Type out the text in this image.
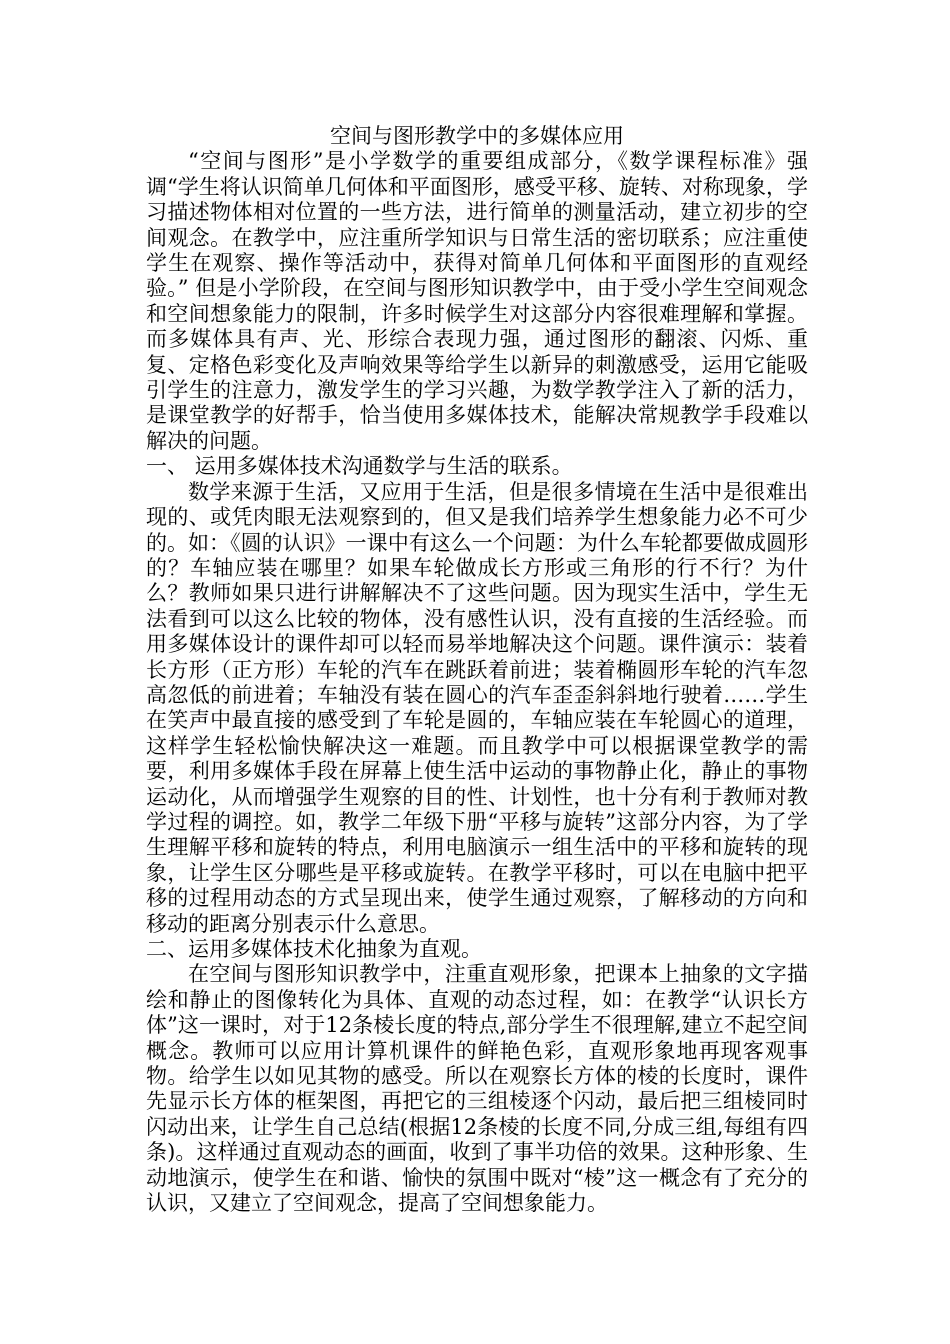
空间与图形教学中的多媒体应用

“空间与图形”是小学数学的重要组成部分，《数学课程标准》强调“学生将认识简单几何体和平面图形，感受平移、旋转、对称现象，学习描述物体相对位置的一些方法，进行简单的测量活动，建立初步的空间观念。在教学中，应注重所学知识与日常生活的密切联系；应注重使学生在观察、操作等活动中，获得对简单几何体和平面图形的直观经验。” 但是小学阶段，在空间与图形知识教学中，由于受小学生空间观念和空间想象能力的限制，许多时候学生对这部分内容很难理解和掌握。而多媒体具有声、光、形综合表现力强，通过图形的翻滚、闪烁、重复、定格色彩变化及声响效果等给学生以新异的刺激感受，运用它能吸引学生的注意力，激发学生的学习兴趣，为数学教学注入了新的活力，是课堂教学的好帮手，恰当使用多媒体技术，能解决常规教学手段难以解决的问题。

一、 运用多媒体技术沟通数学与生活的联系。

数学来源于生活，又应用于生活，但是很多情境在生活中是很难出现的、或凭肉眼无法观察到的，但又是我们培养学生想象能力必不可少的。如：《圆的认识》一课中有这么一个问题：为什么车轮都要做成圆形的？车轴应装在哪里？如果车轮做成长方形或三角形的行不行？为什么？教师如果只进行讲解解决不了这些问题。因为现实生活中，学生无法看到可以这么比较的物体，没有感性认识，没有直接的生活经验。而用多媒体设计的课件却可以轻而易举地解决这个问题。课件演示：装着长方形（正方形）车轮的汽车在跳跃着前进；装着椭圆形车轮的汽车忽高忽低的前进着；车轴没有装在圆心的汽车歪歪斜斜地行驶着……学生在笑声中最直接的感受到了车轮是圆的，车轴应装在车轮圆心的道理，这样学生轻松愉快解决这一难题。而且教学中可以根据课堂教学的需要，利用多媒体手段在屏幕上使生活中运动的事物静止化，静止的事物运动化，从而增强学生观察的目的性、计划性，也十分有利于教师对教学过程的调控。如，教学二年级下册“平移与旋转”这部分内容，为了学生理解平移和旋转的特点，利用电脑演示一组生活中的平移和旋转的现象，让学生区分哪些是平移或旋转。在教学平移时，可以在电脑中把平移的过程用动态的方式呈现出来，使学生通过观察，了解移动的方向和移动的距离分别表示什么意思。

二、运用多媒体技术化抽象为直观。

在空间与图形知识教学中，注重直观形象，把课本上抽象的文字描绘和静止的图像转化为具体、直观的动态过程，如：在教学“认识长方体”这一课时，对于12条棱长度的特点,部分学生不很理解,建立不起空间概念。教师可以应用计算机课件的鲜艳色彩，直观形象地再现客观事物。给学生以如见其物的感受。所以在观察长方体的棱的长度时，课件先显示长方体的框架图，再把它的三组棱逐个闪动，最后把三组棱同时闪动出来，让学生自己总结(根据12条棱的长度不同,分成三组,每组有四条)。这样通过直观动态的画面，收到了事半功倍的效果。这种形象、生动地演示，使学生在和谐、愉快的氛围中既对“棱”这一概念有了充分的认识，又建立了空间观念，提高了空间想象能力。
